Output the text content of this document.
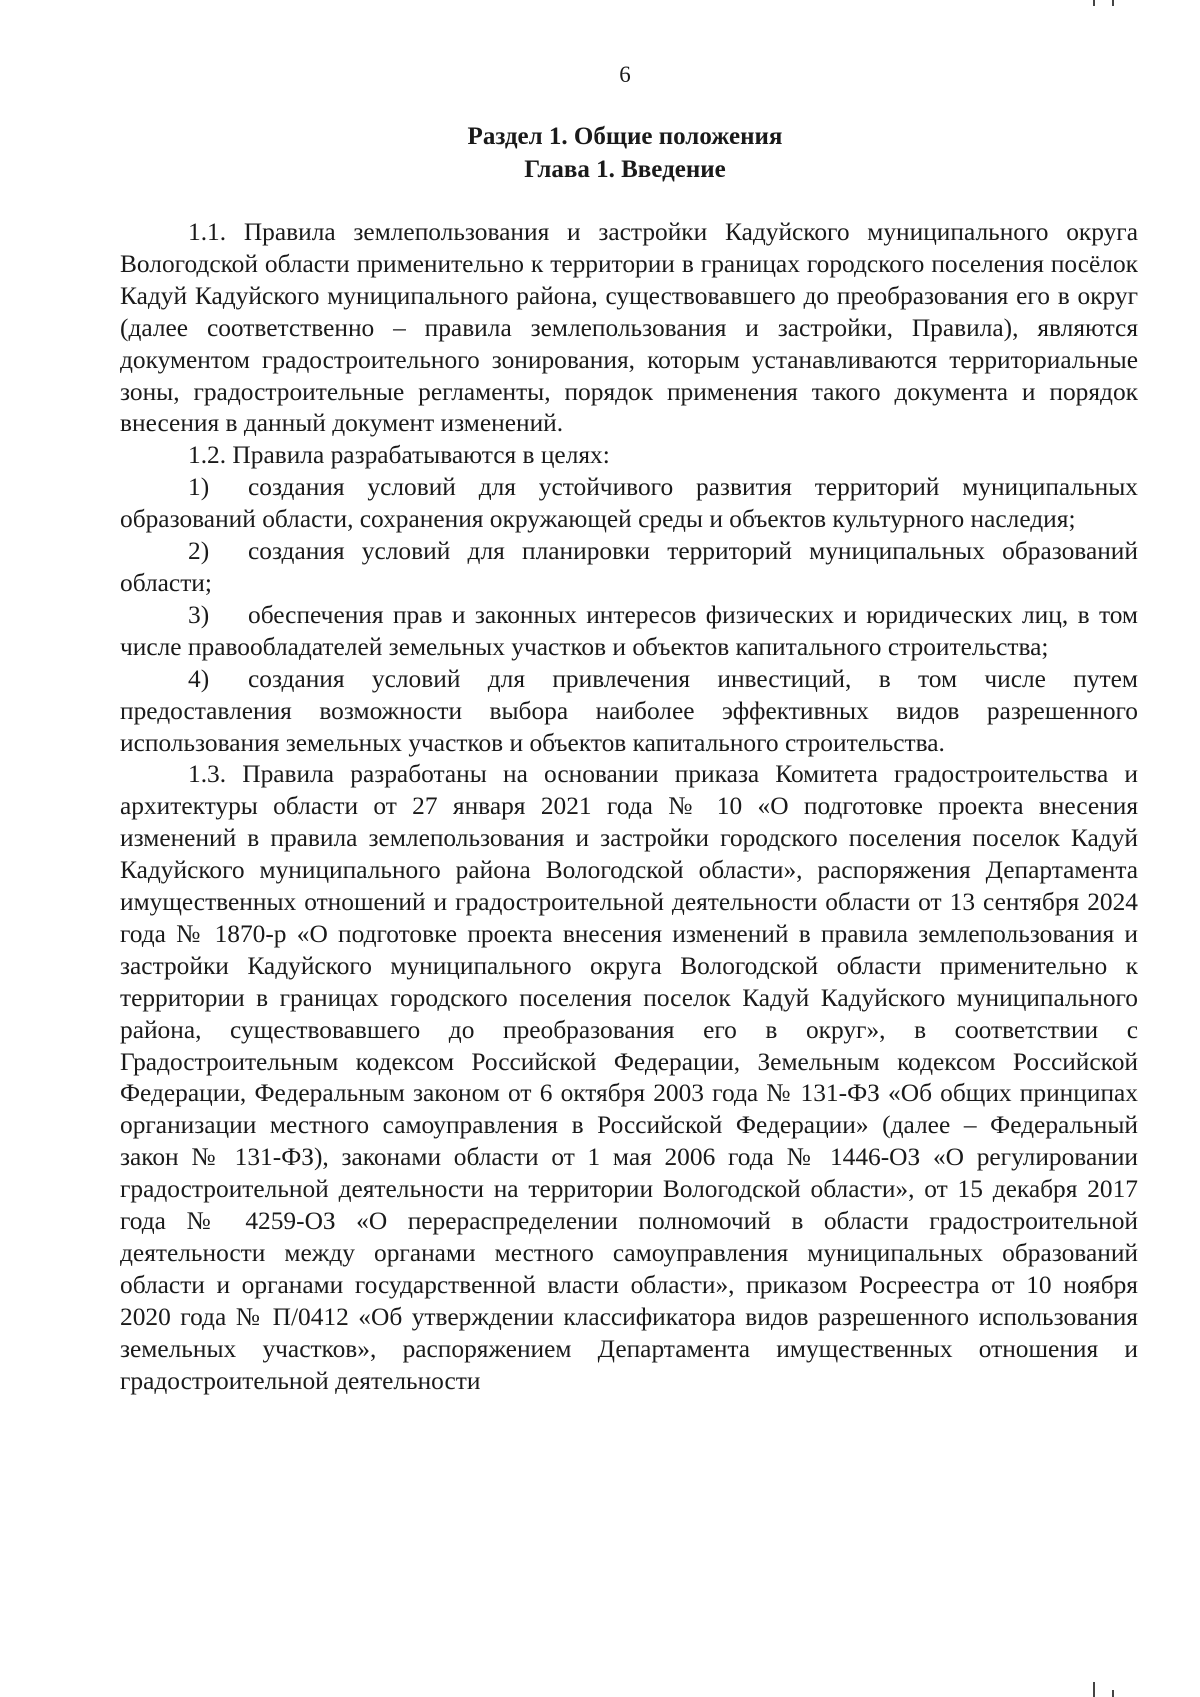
6
Раздел 1. Общие положения
Глава 1. Введение

1.1. Правила землепользования и застройки Кадуйского муниципального округа Вологодской области применительно к территории в границах городского поселения посёлок Кадуй Кадуйского муниципального района, существовавшего до преобразования его в округ (далее соответственно – правила землепользования и застройки, Правила), являются документом градостроительного зонирования, которым устанавливаются территориальные зоны, градостроительные регламенты, порядок применения такого документа и порядок внесения в данный документ изменений.

1.2. Правила разрабатываются в целях:

1) создания условий для устойчивого развития территорий муниципальных образований области, сохранения окружающей среды и объектов культурного наследия;

2) создания условий для планировки территорий муниципальных образований области;

3) обеспечения прав и законных интересов физических и юридических лиц, в том числе правообладателей земельных участков и объектов капитального строительства;

4) создания условий для привлечения инвестиций, в том числе путем предоставления возможности выбора наиболее эффективных видов разрешенного использования земельных участков и объектов капитального строительства.

1.3. Правила разработаны на основании приказа Комитета градостроительства и архитектуры области от 27 января 2021 года № 10 «О подготовке проекта внесения изменений в правила землепользования и застройки городского поселения поселок Кадуй Кадуйского муниципального района Вологодской области», распоряжения Департамента имущественных отношений и градостроительной деятельности области от 13 сентября 2024 года № 1870-р «О подготовке проекта внесения изменений в правила землепользования и застройки Кадуйского муниципального округа Вологодской области применительно к территории в границах городского поселения поселок Кадуй Кадуйского муниципального района, существовавшего до преобразования его в округ», в соответствии с Градостроительным кодексом Российской Федерации, Земельным кодексом Российской Федерации, Федеральным законом от 6 октября 2003 года № 131-ФЗ «Об общих принципах организации местного самоуправления в Российской Федерации» (далее – Федеральный закон № 131-ФЗ), законами области от 1 мая 2006 года № 1446-ОЗ «О регулировании градостроительной деятельности на территории Вологодской области», от 15 декабря 2017 года № 4259-ОЗ «О перераспределении полномочий в области градостроительной деятельности между органами местного самоуправления муниципальных образований области и органами государственной власти области», приказом Росреестра от 10 ноября 2020 года № П/0412 «Об утверждении классификатора видов разрешенного использования земельных участков», распоряжением Департамента имущественных отношения и градостроительной деятельности
